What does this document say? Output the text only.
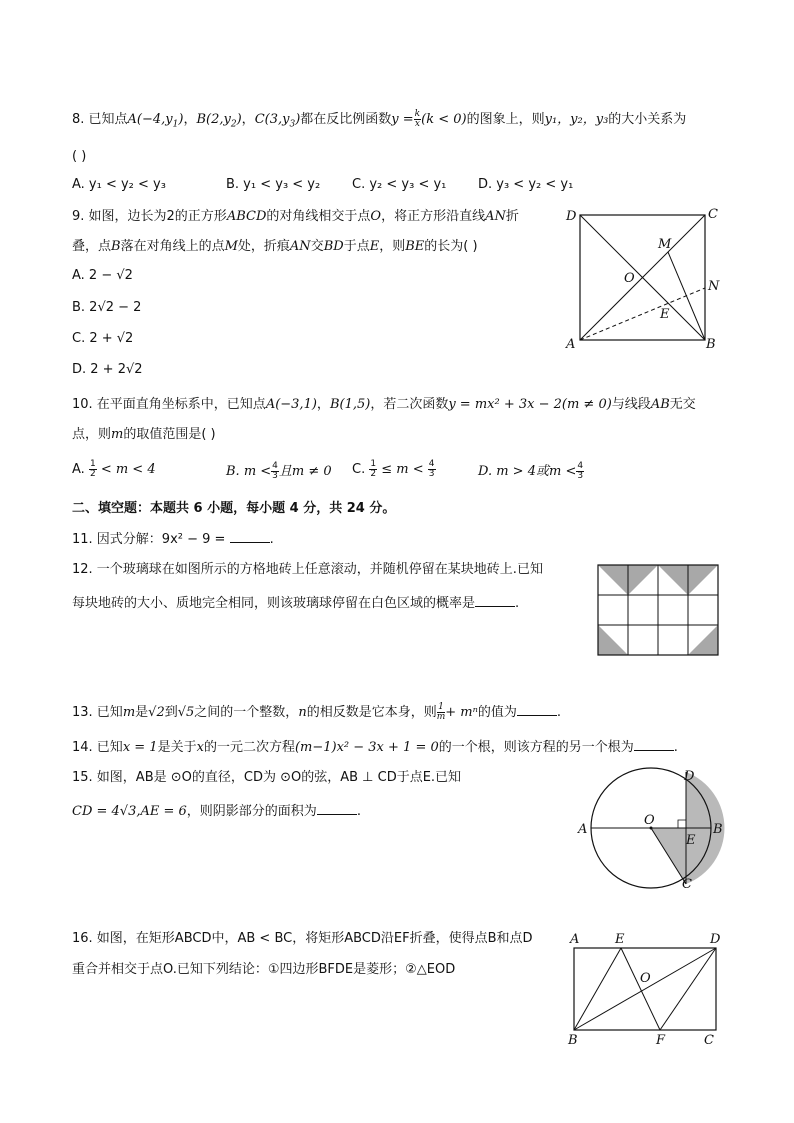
8. 已知点$A(-4,y_1)$，$B(2,y_2)$，$C(3,y_3)$都在反比例函数$y = \frac{k}{x} (k < 0)$的图象上，则y₁，y₂，y₃的大小关系为
( )
A. y₁ < y₂ < y₃	B. y₁ < y₃ < y₂ C. y₂ < y₃ < y₁ D. y₃ < y₂ < y₁
9. 如图，边长为2的正方形ABCD的对角线相交于点O，将正方形沿直线AN折
叠，点B落在对角线上的点M处，折痕AN交BD于点E，则BE的长为( )
A. 2 − √2
B. 2√2 − 2
C. 2 + √2
D. 2 + 2√2
D	C
M
O
N
E
A	B
10. 在平面直角坐标系中，已知点A(−3,1)，B(1,5)，若二次函数y = mx² + 3x − 2(m ≠ 0)与线段AB无交
点，则m的取值范围是( )
A. $\frac{1}{2} < m < 4$	B. $m < \frac{4}{3}$ 且m ≠ 0 C. $\frac{1}{2} \le m < \frac{4}{3}$	D. m > 4或$m < \frac{4}{3}$
二、填空题：本题共 6 小题，每小题 4 分，共 24 分。
11. 因式分解：9x² − 9 =	.
12. 一个玻璃球在如图所示的方格地砖上任意滚动，并随机停留在某块地砖上.已知
每块地砖的大小、质地完全相同，则该玻璃球停留在白色区域的概率是	.
13. 已知m是√2到√5之间的一个整数，n的相反数是它本身，则 $\frac{1}{m} + m^n$的值为	.
14. 已知x = 1是关于x的一元二次方程(m−1)x² − 3x + 1 = 0的一个根，则该方程的另一个根为	.
15. 如图，AB是 ⊙O的直径，CD为 ⊙O的弦，AB ⊥ CD于点E.已知
CD = 4√3,AE = 6，则阴影部分的面积为	.
D
A
O
B
E
C
16. 如图，在矩形ABCD中，AB < BC，将矩形ABCD沿EF折叠，使得点B和点D
重合并相交于点O.已知下列结论：①四边形BFDE是菱形；②△EOD
A	E	D
O
B	F	C
